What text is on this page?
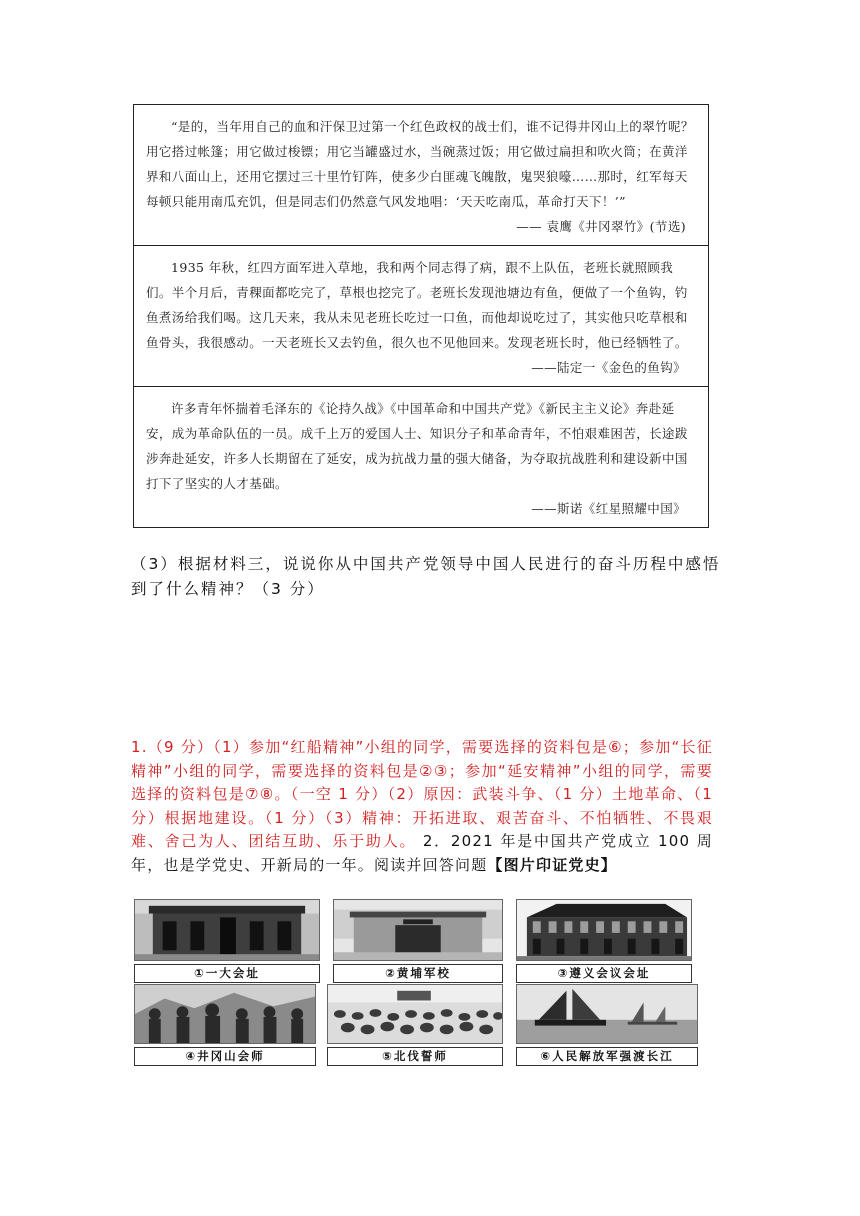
“是的，当年用自己的血和汗保卫过第一个红色政权的战士们，谁不记得井冈山上的翠竹呢？用它搭过帐篷；用它做过梭镖；用它当罐盛过水，当碗蒸过饭；用它做过扁担和吹火筒；在黄洋界和八面山上，还用它摆过三十里竹钉阵，使多少白匪魂飞魄散，鬼哭狼嚎……那时，红军每天每顿只能用南瓜充饥，但是同志们仍然意气风发地唱：‘天天吃南瓜，革命打天下！’”
—— 袁鹰《井冈翠竹》(节选)
1935 年秋，红四方面军进入草地，我和两个同志得了病，跟不上队伍，老班长就照顾我们。半个月后，青稞面都吃完了，草根也挖完了。老班长发现池塘边有鱼，便做了一个鱼钩，钓鱼煮汤给我们喝。这几天来，我从未见老班长吃过一口鱼，而他却说吃过了，其实他只吃草根和鱼骨头，我很感动。一天老班长又去钓鱼，很久也不见他回来。发现老班长时，他已经牺牲了。
——陆定一《金色的鱼钩》
许多青年怀揣着毛泽东的《论持久战》《中国革命和中国共产党》《新民主主义论》奔赴延安，成为革命队伍的一员。成千上万的爱国人士、知识分子和革命青年，不怕艰难困苦，长途跋涉奔赴延安，许多人长期留在了延安，成为抗战力量的强大储备，为夺取抗战胜利和建设新中国打下了坚实的人才基础。
——斯诺《红星照耀中国》
（3）根据材料三，说说你从中国共产党领导中国人民进行的奋斗历程中感悟到了什么精神？（3 分）
1.（9 分）（1）参加“红船精神”小组的同学，需要选择的资料包是⑥；参加“长征精神”小组的同学，需要选择的资料包是②③；参加“延安精神”小组的同学，需要选择的资料包是⑦⑧。（一空 1 分）（2）原因：武装斗争、（1 分）土地革命、（1 分）根据地建设。（1 分）（3）精神：开拓进取、艰苦奋斗、不怕牺牲、不畏艰难、舍己为人、团结互助、乐于助人。 2．2021 年是中国共产党成立 100 周年，也是学党史、开新局的一年。阅读并回答问题【图片印证党史】
①一大会址	②黄埔军校	③遵义会议会址
④井冈山会师	⑤北伐誓师	⑥人民解放军强渡长江
